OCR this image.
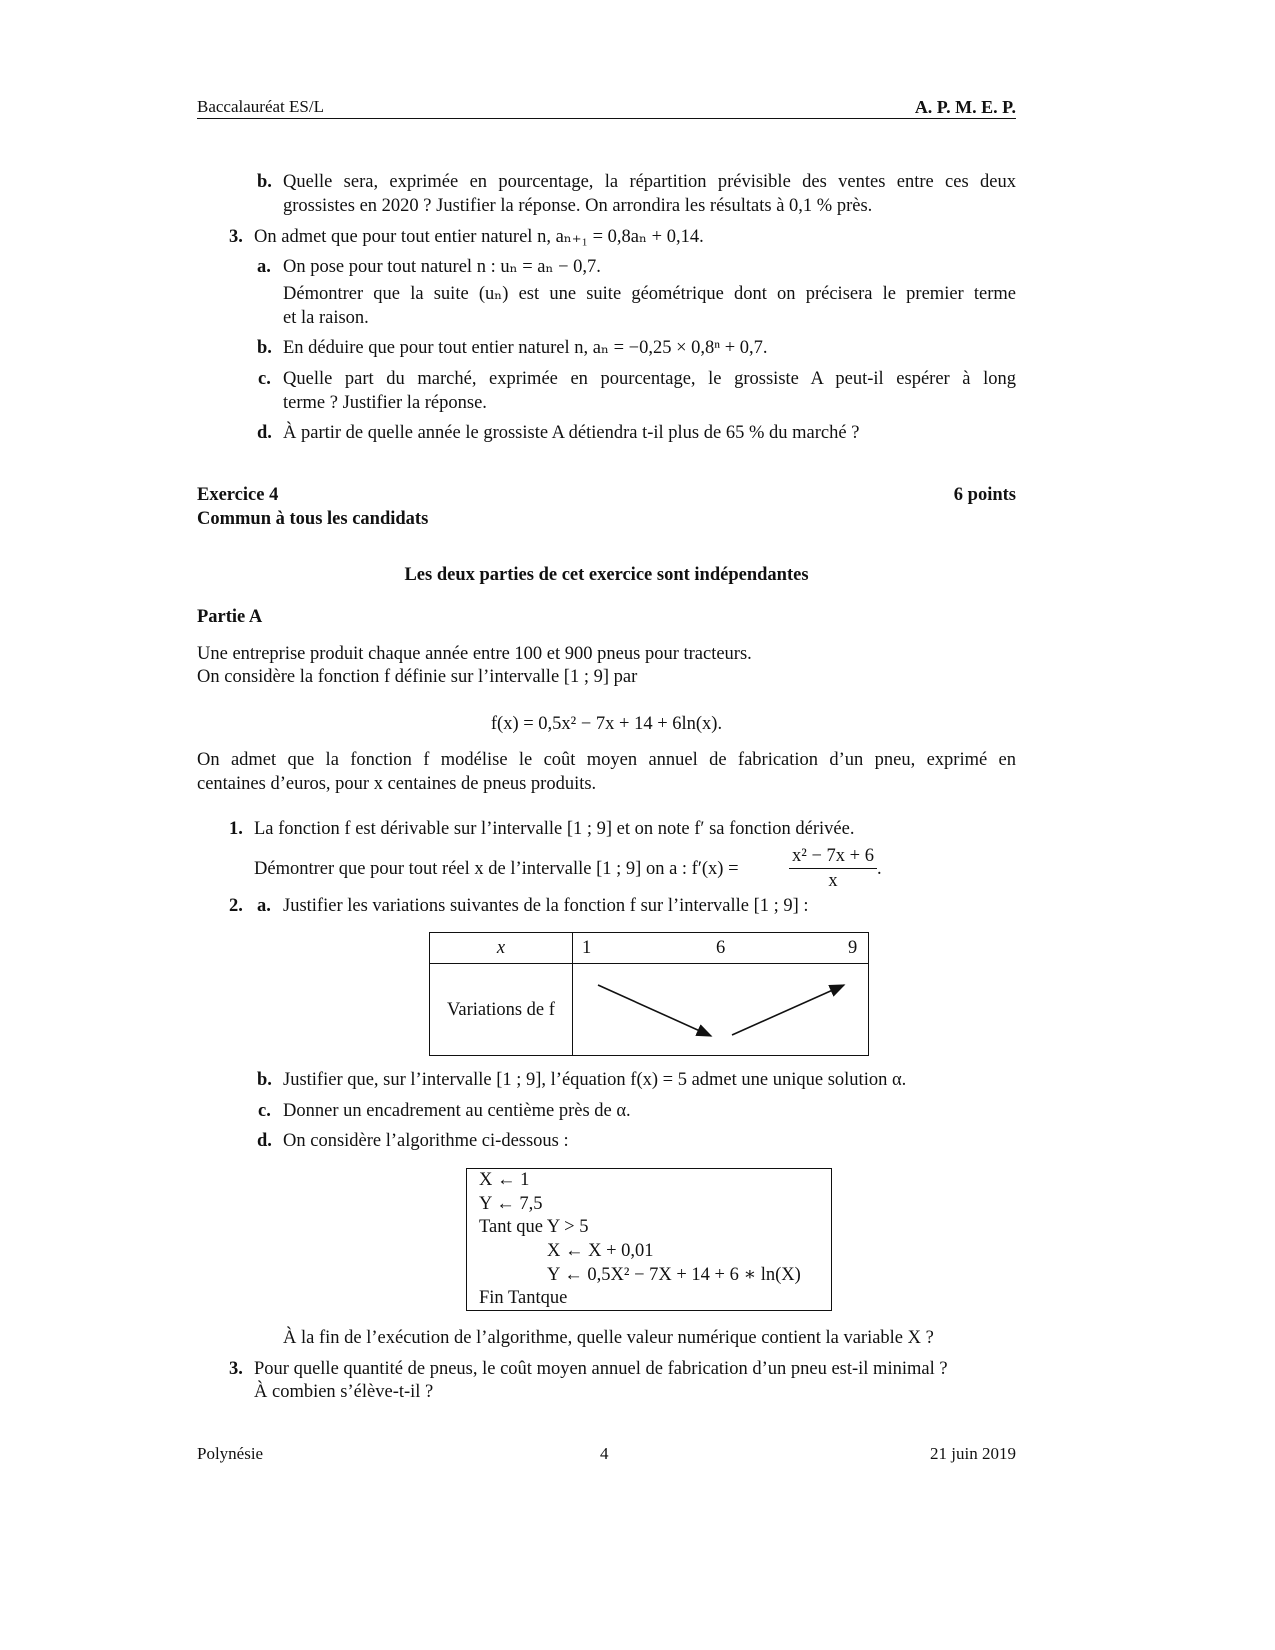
Baccalauréat ES/L	A. P. M. E. P.
b. Quelle sera, exprimée en pourcentage, la répartition prévisible des ventes entre ces deux
grossistes en 2020 ? Justifier la réponse. On arrondira les résultats à 0,1 % près.
3. On admet que pour tout entier naturel n, aₙ₊₁ = 0,8aₙ + 0,14.
a. On pose pour tout naturel n : uₙ = aₙ − 0,7.
Démontrer que la suite (uₙ) est une suite géométrique dont on précisera le premier terme
et la raison.
b. En déduire que pour tout entier naturel n, aₙ = −0,25 × 0,8ⁿ + 0,7.
c. Quelle part du marché, exprimée en pourcentage, le grossiste A peut-il espérer à long
terme ? Justifier la réponse.
d. À partir de quelle année le grossiste A détiendra t-il plus de 65 % du marché ?
Exercice 4	6 points
Commun à tous les candidats
Les deux parties de cet exercice sont indépendantes
Partie A
Une entreprise produit chaque année entre 100 et 900 pneus pour tracteurs.
On considère la fonction f définie sur l’intervalle [1 ; 9] par
f(x) = 0,5x² − 7x + 14 + 6ln(x).
On admet que la fonction f modélise le coût moyen annuel de fabrication d’un pneu, exprimé en
centaines d’euros, pour x centaines de pneus produits.
1. La fonction f est dérivable sur l’intervalle [1 ; 9] et on note f′ sa fonction dérivée.
Démontrer que pour tout réel x de l’intervalle [1 ; 9] on a : f′(x) =
x² − 7x + 6
x
.
2. a. Justifier les variations suivantes de la fonction f sur l’intervalle [1 ; 9] :
x	1	6	9
Variations de f
b. Justifier que, sur l’intervalle [1 ; 9], l’équation f(x) = 5 admet une unique solution α.
c. Donner un encadrement au centième près de α.
d. On considère l’algorithme ci-dessous :
X ← 1
Y ← 7,5
Tant que Y > 5
X ← X + 0,01
Y ← 0,5X² − 7X + 14 + 6 ∗ ln(X)
Fin Tantque
À la fin de l’exécution de l’algorithme, quelle valeur numérique contient la variable X ?
3. Pour quelle quantité de pneus, le coût moyen annuel de fabrication d’un pneu est-il minimal ?
À combien s’élève-t-il ?
Polynésie	4	21 juin 2019
